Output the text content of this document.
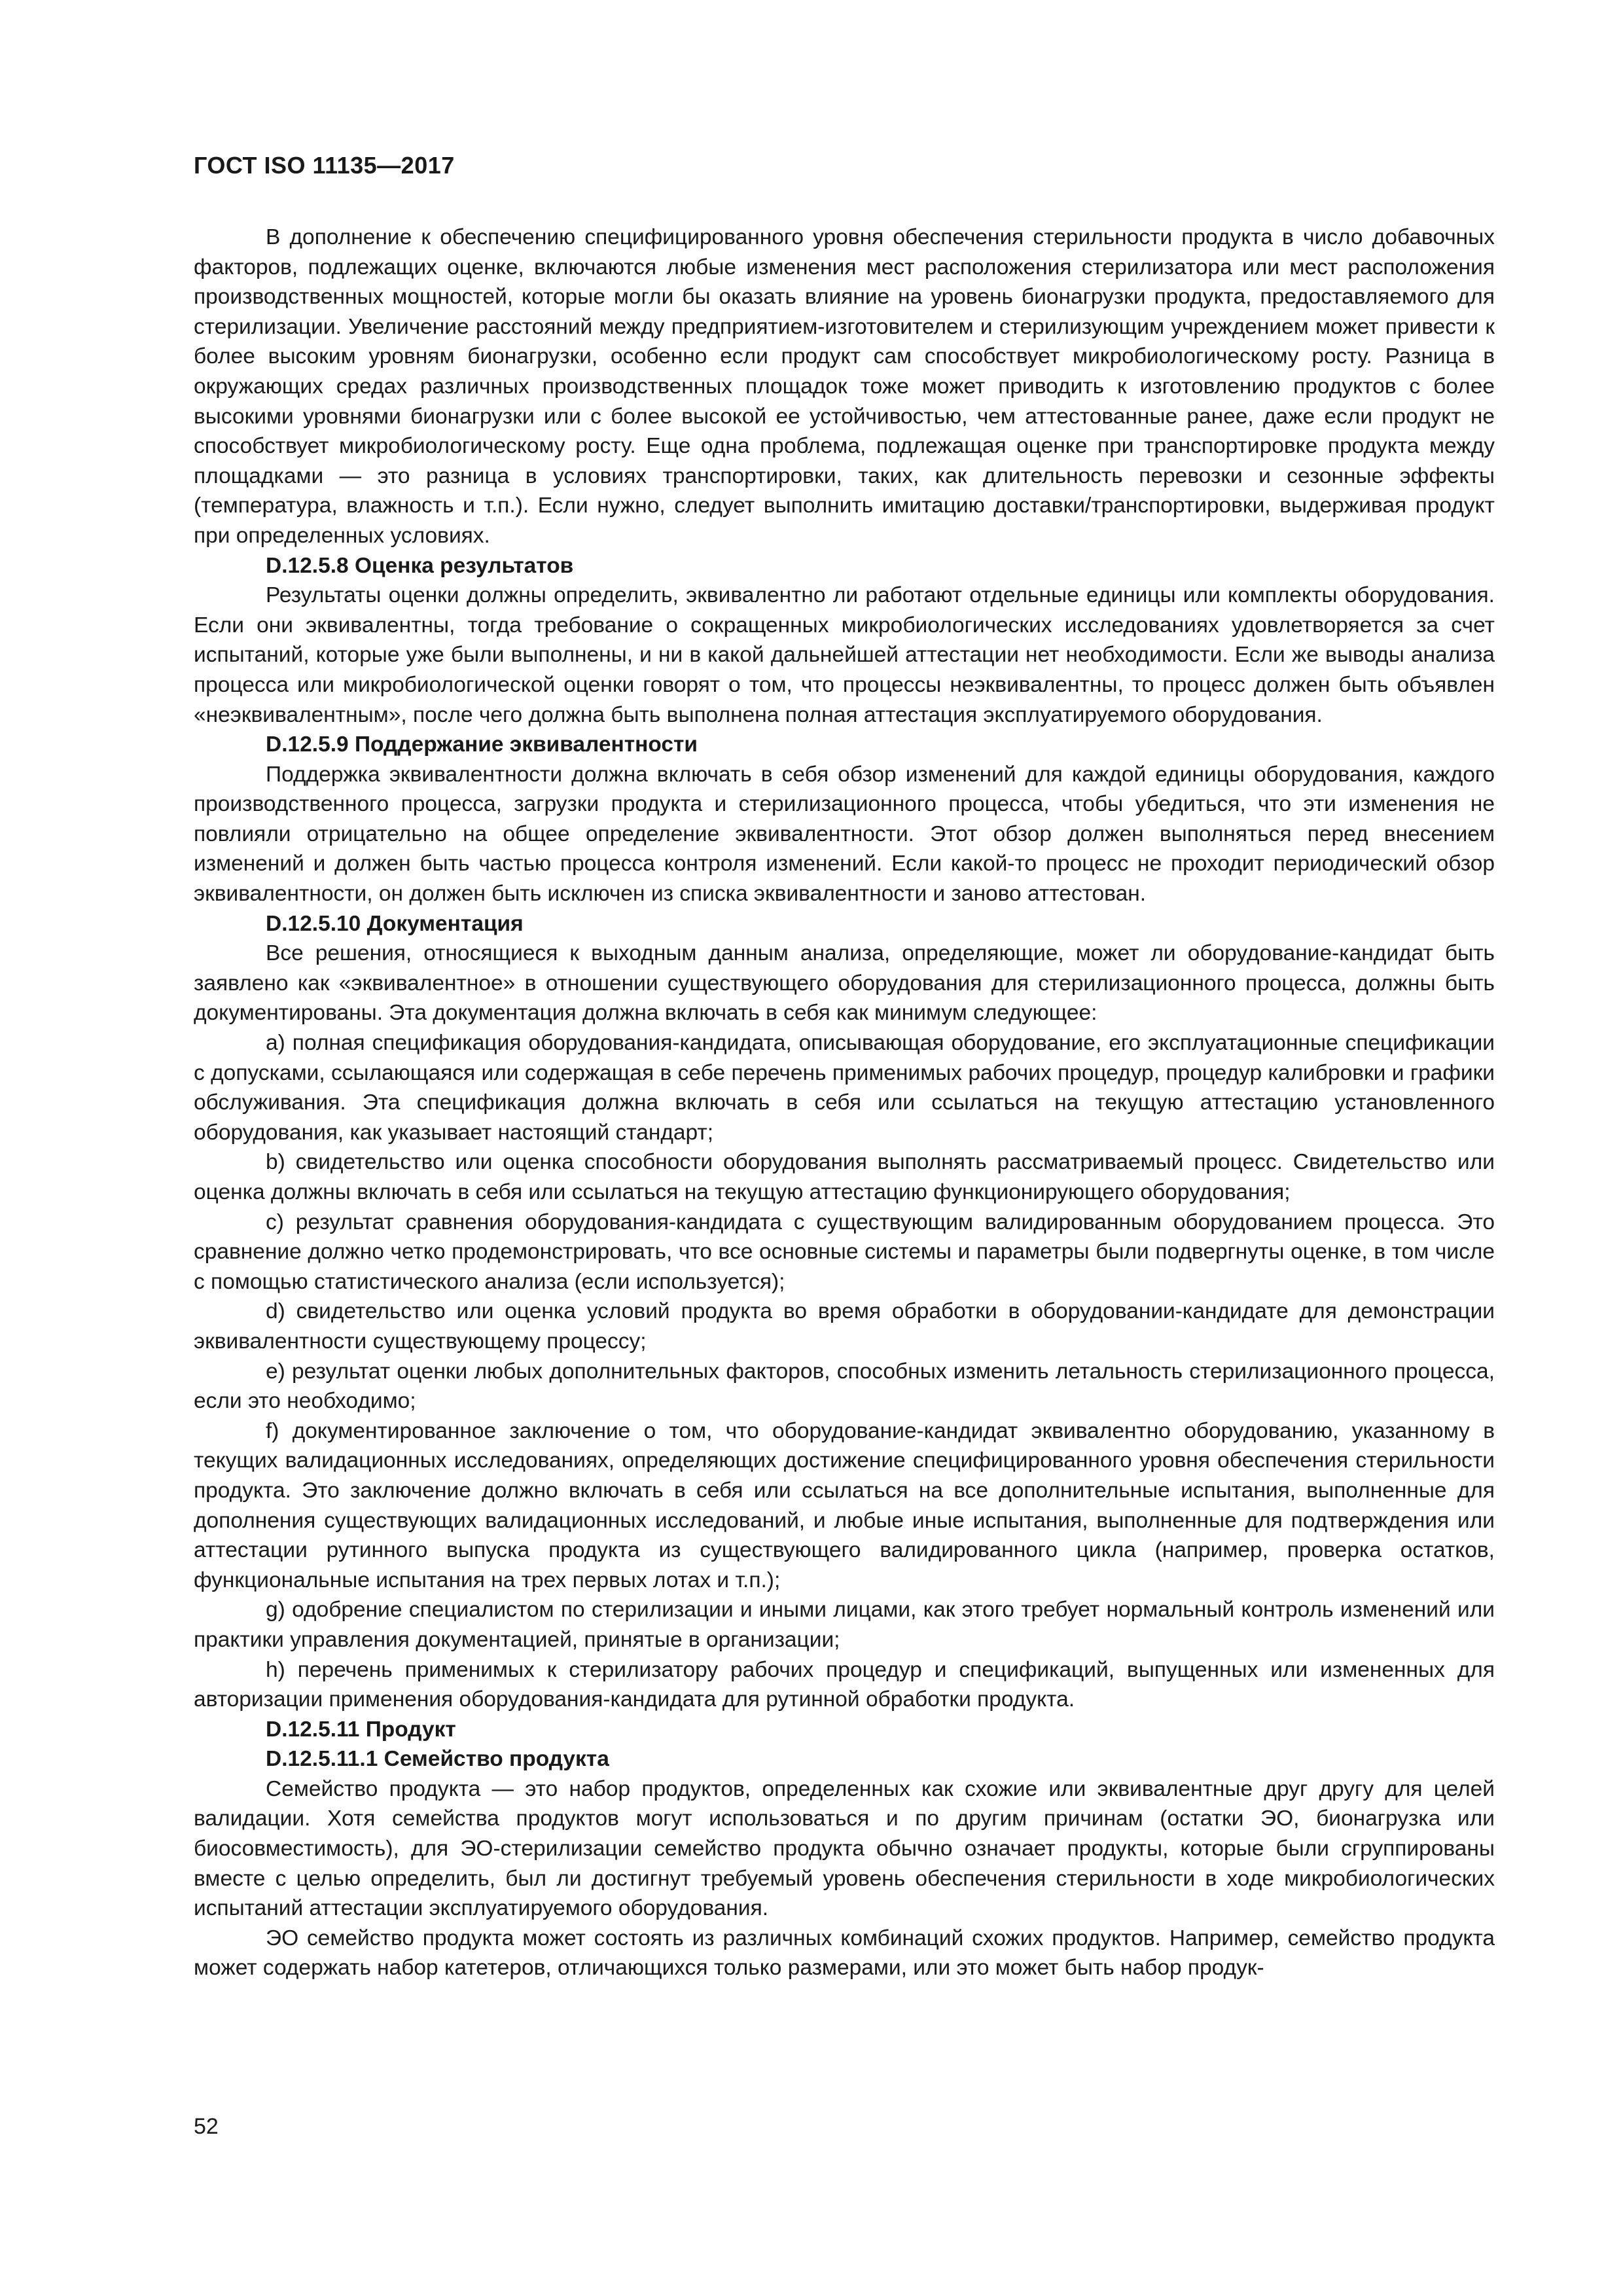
ГОСТ ISO 11135—2017

В дополнение к обеспечению специфицированного уровня обеспечения стерильности продукта в число добавочных факторов, подлежащих оценке, включаются любые изменения мест расположения стерилизатора или мест расположения производственных мощностей, которые могли бы оказать влияние на уровень бионагрузки продукта, предоставляемого для стерилизации. Увеличение расстояний между предприятием-изготовителем и стерилизующим учреждением может привести к более высоким уровням бионагрузки, особенно если продукт сам способствует микробиологическому росту. Разница в окружающих средах различных производственных площадок тоже может приводить к изготовлению продуктов с более высокими уровнями бионагрузки или с более высокой ее устойчивостью, чем аттестованные ранее, даже если продукт не способствует микробиологическому росту. Еще одна проблема, подлежащая оценке при транспортировке продукта между площадками — это разница в условиях транспортировки, таких, как длительность перевозки и сезонные эффекты (температура, влажность и т.п.). Если нужно, следует выполнить имитацию доставки/транспортировки, выдерживая продукт при определенных условиях.

D.12.5.8 Оценка результатов

Результаты оценки должны определить, эквивалентно ли работают отдельные единицы или комплекты оборудования. Если они эквивалентны, тогда требование о сокращенных микробиологических исследованиях удовлетворяется за счет испытаний, которые уже были выполнены, и ни в какой дальнейшей аттестации нет необходимости. Если же выводы анализа процесса или микробиологической оценки говорят о том, что процессы неэквивалентны, то процесс должен быть объявлен «неэквивалентным», после чего должна быть выполнена полная аттестация эксплуатируемого оборудования.

D.12.5.9 Поддержание эквивалентности

Поддержка эквивалентности должна включать в себя обзор изменений для каждой единицы оборудования, каждого производственного процесса, загрузки продукта и стерилизационного процесса, чтобы убедиться, что эти изменения не повлияли отрицательно на общее определение эквивалентности. Этот обзор должен выполняться перед внесением изменений и должен быть частью процесса контроля изменений. Если какой-то процесс не проходит периодический обзор эквивалентности, он должен быть исключен из списка эквивалентности и заново аттестован.

D.12.5.10 Документация

Все решения, относящиеся к выходным данным анализа, определяющие, может ли оборудование-кандидат быть заявлено как «эквивалентное» в отношении существующего оборудования для стерилизационного процесса, должны быть документированы. Эта документация должна включать в себя как минимум следующее:

a) полная спецификация оборудования-кандидата, описывающая оборудование, его эксплуатационные спецификации с допусками, ссылающаяся или содержащая в себе перечень применимых рабочих процедур, процедур калибровки и графики обслуживания. Эта спецификация должна включать в себя или ссылаться на текущую аттестацию установленного оборудования, как указывает настоящий стандарт;

b) свидетельство или оценка способности оборудования выполнять рассматриваемый процесс. Свидетельство или оценка должны включать в себя или ссылаться на текущую аттестацию функционирующего оборудования;

c) результат сравнения оборудования-кандидата с существующим валидированным оборудованием процесса. Это сравнение должно четко продемонстрировать, что все основные системы и параметры были подвергнуты оценке, в том числе с помощью статистического анализа (если используется);

d) свидетельство или оценка условий продукта во время обработки в оборудовании-кандидате для демонстрации эквивалентности существующему процессу;

e) результат оценки любых дополнительных факторов, способных изменить летальность стерилизационного процесса, если это необходимо;

f) документированное заключение о том, что оборудование-кандидат эквивалентно оборудованию, указанному в текущих валидационных исследованиях, определяющих достижение специфицированного уровня обеспечения стерильности продукта. Это заключение должно включать в себя или ссылаться на все дополнительные испытания, выполненные для дополнения существующих валидационных исследований, и любые иные испытания, выполненные для подтверждения или аттестации рутинного выпуска продукта из существующего валидированного цикла (например, проверка остатков, функциональные испытания на трех первых лотах и т.п.);

g) одобрение специалистом по стерилизации и иными лицами, как этого требует нормальный контроль изменений или практики управления документацией, принятые в организации;

h) перечень применимых к стерилизатору рабочих процедур и спецификаций, выпущенных или измененных для авторизации применения оборудования-кандидата для рутинной обработки продукта.

D.12.5.11 Продукт

D.12.5.11.1 Семейство продукта

Семейство продукта — это набор продуктов, определенных как схожие или эквивалентные друг другу для целей валидации. Хотя семейства продуктов могут использоваться и по другим причинам (остатки ЭО, бионагрузка или биосовместимость), для ЭО-стерилизации семейство продукта обычно означает продукты, которые были сгруппированы вместе с целью определить, был ли достигнут требуемый уровень обеспечения стерильности в ходе микробиологических испытаний аттестации эксплуатируемого оборудования.

ЭО семейство продукта может состоять из различных комбинаций схожих продуктов. Например, семейство продукта может содержать набор катетеров, отличающихся только размерами, или это может быть набор продук-

52
